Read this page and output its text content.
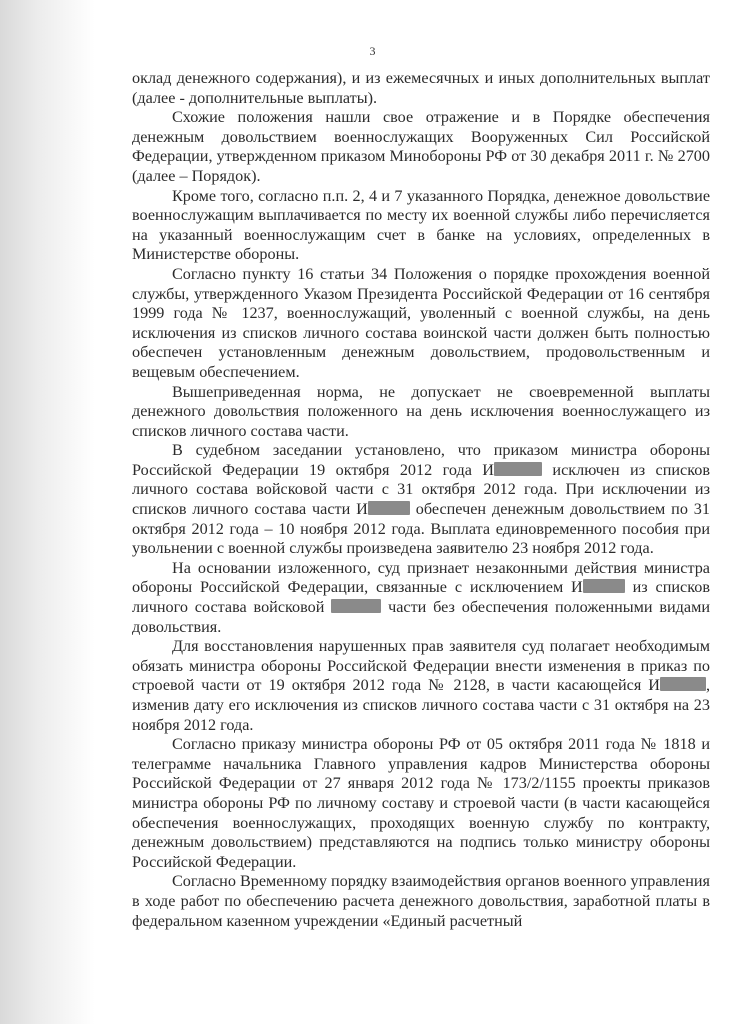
3

оклад денежного содержания), и из ежемесячных и иных дополнительных выплат (далее - дополнительные выплаты).

Схожие положения нашли свое отражение и в Порядке обеспечения денежным довольствием военнослужащих Вооруженных Сил Российской Федерации, утвержденном приказом Минобороны РФ от 30 декабря 2011 г. № 2700 (далее – Порядок).

Кроме того, согласно п.п. 2, 4 и 7 указанного Порядка, денежное довольствие военнослужащим выплачивается по месту их военной службы либо перечисляется на указанный военнослужащим счет в банке на условиях, определенных в Министерстве обороны.

Согласно пункту 16 статьи 34 Положения о порядке прохождения военной службы, утвержденного Указом Президента Российской Федерации от 16 сентября 1999 года № 1237, военнослужащий, уволенный с военной службы, на день исключения из списков личного состава воинской части должен быть полностью обеспечен установленным денежным довольствием, продовольственным и вещевым обеспечением.

Вышеприведенная норма, не допускает не своевременной выплаты денежного довольствия положенного на день исключения военнослужащего из списков личного состава части.

В судебном заседании установлено, что приказом министра обороны Российской Федерации 19 октября 2012 года И	исключен из списков личного состава войсковой части с 31 октября 2012 года. При исключении из списков личного состава части И	обеспечен денежным довольствием по 31 октября 2012 года – 10 ноября 2012 года. Выплата единовременного пособия при увольнении с военной службы произведена заявителю 23 ноября 2012 года.

На основании изложенного, суд признает незаконными действия министра обороны Российской Федерации, связанные с исключением И	из списков личного состава войсковой	части без обеспечения положенными видами довольствия.

Для восстановления нарушенных прав заявителя суд полагает необходимым обязать министра обороны Российской Федерации внести изменения в приказ по строевой части от 19 октября 2012 года № 2128, в части касающейся И	, изменив дату его исключения из списков личного состава части с 31 октября на 23 ноября 2012 года.

Согласно приказу министра обороны РФ от 05 октября 2011 года № 1818 и телеграмме начальника Главного управления кадров Министерства обороны Российской Федерации от 27 января 2012 года № 173/2/1155 проекты приказов министра обороны РФ по личному составу и строевой части (в части касающейся обеспечения военнослужащих, проходящих военную службу по контракту, денежным довольствием) представляются на подпись только министру обороны Российской Федерации.

Согласно Временному порядку взаимодействия органов военного управления в ходе работ по обеспечению расчета денежного довольствия, заработной платы в федеральном казенном учреждении «Единый расчетный
